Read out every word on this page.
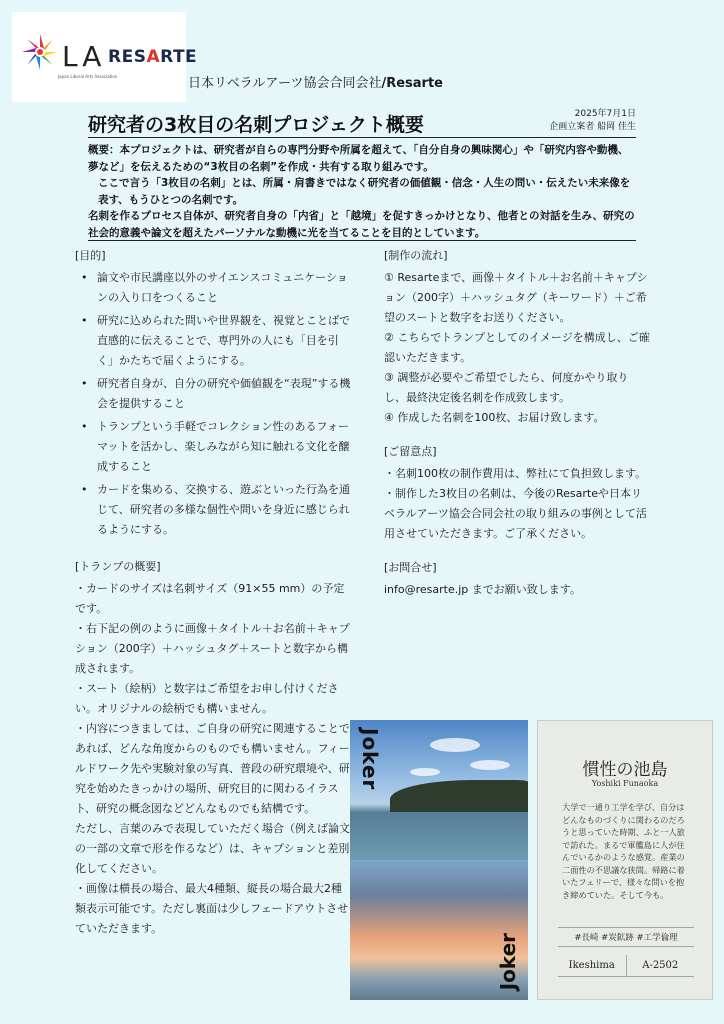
LA
Japan Liberal Arts Association
RESARTE
日本リベラルアーツ協会合同会社/Resarte
研究者の3枚目の名刺プロジェクト概要	2025年7月1日
企画立案者 船岡 佳生

概要：本プロジェクトは、研究者が自らの専門分野や所属を超えて、「自分自身の興味関心」や「研究内容や動機、夢など」を伝えるための“3枚目の名刺”を作成・共有する取り組みです。

ここで言う「3枚目の名刺」とは、所属・肩書きではなく研究者の価値観・信念・人生の問い・伝えたい未来像を表す、もうひとつの名刺です。

名刺を作るプロセス自体が、研究者自身の「内省」と「越境」を促すきっかけとなり、他者との対話を生み、研究の社会的意義や論文を超えたパーソナルな動機に光を当てることを目的としています。

[目的]
• 論文や市民講座以外のサイエンスコミュニケーションの入り口をつくること
• 研究に込められた問いや世界観を、視覚とことばで直感的に伝えることで、専門外の人にも「目を引く」かたちで届くようにする。
• 研究者自身が、自分の研究や価値観を“表現”する機会を提供すること
• トランプという手軽でコレクション性のあるフォーマットを活かし、楽しみながら知に触れる文化を醸成すること
• カードを集める、交換する、遊ぶといった行為を通じて、研究者の多様な個性や問いを身近に感じられるようにする。
[トランプの概要]

・カードのサイズは名刺サイズ（91×55 mm）の予定です。

・右下記の例のように画像＋タイトル＋お名前＋キャプション（200字）＋ハッシュタグ＋スートと数字から構成されます。

・スート（絵柄）と数字はご希望をお申し付けください。オリジナルの絵柄でも構いません。

・内容につきましては、ご自身の研究に関連することであれば、どんな角度からのものでも構いません。フィールドワーク先や実験対象の写真、普段の研究環境や、研究を始めたきっかけの場所、研究目的に関わるイラスト、研究の概念図などどんなものでも結構です。

ただし、言葉のみで表現していただく場合（例えば論文の一部の文章で形を作るなど）は、キャプションと差別化してください。

・画像は横長の場合、最大4種類、縦長の場合最大2種類表示可能です。ただし裏面は少しフェードアウトさせていただきます。

[制作の流れ]

① Resarteまで、画像＋タイトル＋お名前＋キャプション（200字）＋ハッシュタグ（キーワード）＋ご希望のスートと数字をお送りください。

② こちらでトランプとしてのイメージを構成し、ご確認いただきます。

③ 調整が必要やご希望でしたら、何度かやり取りし、最終決定後名刺を作成致します。

④ 作成した名刺を100枚、お届け致します。

[ご留意点]

・名刺100枚の制作費用は、弊社にて負担致します。

・制作した3枚目の名刺は、今後のResarteや日本リベラルアーツ協会合同会社の取り組みの事例として活用させていただきます。ご了承ください。

[お問合せ]

info@resarte.jp までお願い致します。

Joker
Joker
慣性の池島
Yoshiki Funaoka
大学で一通り工学を学び、自分はどんなものづくりに関わるのだろうと思っていた時期、ふと一人旅で訪れた。まるで軍艦島に人が住んでいるかのような感覚。産業の二面性の不思議な狭間。帰路に着いたフェリーで、様々な問いを抱き締めていた。そして今も。
#長崎 #炭鉱跡 #工学倫理
Ikeshima	A-2502
